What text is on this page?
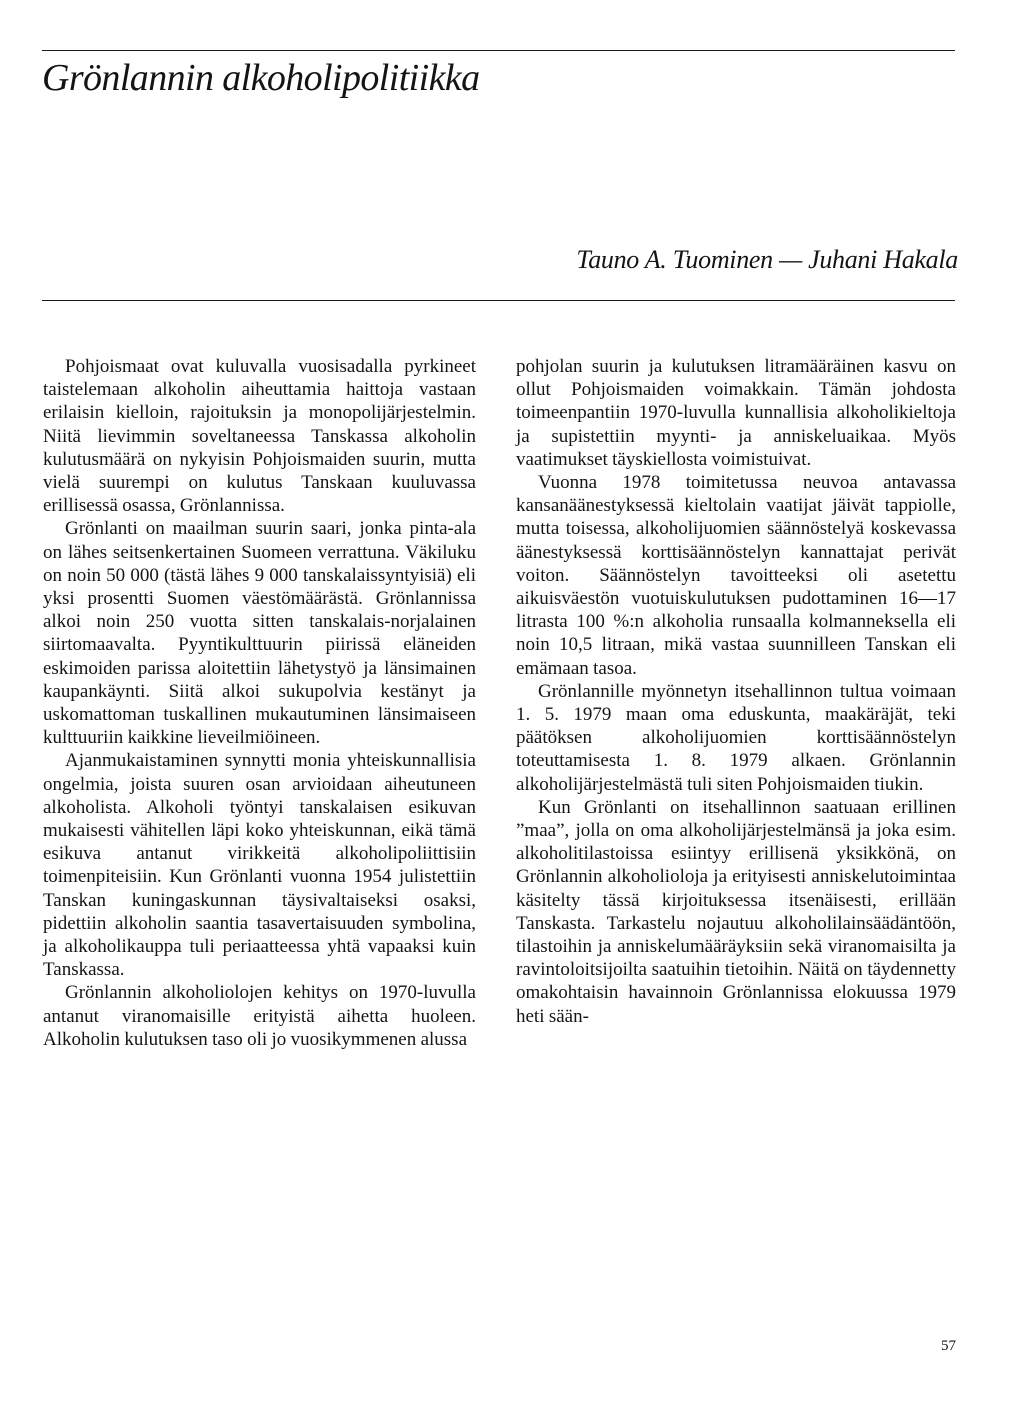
Grönlannin alkoholipolitiikka

Tauno A. Tuominen — Juhani Hakala

Pohjoismaat ovat kuluvalla vuosisadalla pyrkineet taistelemaan alkoholin aiheuttamia haittoja vastaan erilaisin kielloin, rajoituksin ja monopolijärjestelmin. Niitä lievimmin soveltaneessa Tanskassa alkoholin kulutusmäärä on nykyisin Pohjoismaiden suurin, mutta vielä suurempi on kulutus Tanskaan kuuluvassa erillisessä osassa, Grönlannissa.

Grönlanti on maailman suurin saari, jonka pinta-ala on lähes seitsenkertainen Suomeen verrattuna. Väkiluku on noin 50 000 (tästä lähes 9 000 tanskalaissyntyisiä) eli yksi prosentti Suomen väestömäärästä. Grönlannissa alkoi noin 250 vuotta sitten tanskalais-norjalainen siirtomaavalta. Pyyntikulttuurin piirissä eläneiden eskimoiden parissa aloitettiin lähetystyö ja länsimainen kaupankäynti. Siitä alkoi sukupolvia kestänyt ja uskomattoman tuskallinen mukautuminen länsimaiseen kulttuuriin kaikkine lieveilmiöineen.

Ajanmukaistaminen synnytti monia yhteiskunnallisia ongelmia, joista suuren osan arvioidaan aiheutuneen alkoholista. Alkoholi työntyi tanskalaisen esikuvan mukaisesti vähitellen läpi koko yhteiskunnan, eikä tämä esikuva antanut virikkeitä alkoholipoliittisiin toimenpiteisiin. Kun Grönlanti vuonna 1954 julistettiin Tanskan kuningaskunnan täysivaltaiseksi osaksi, pidettiin alkoholin saantia tasavertaisuuden symbolina, ja alkoholikauppa tuli periaatteessa yhtä vapaaksi kuin Tanskassa.

Grönlannin alkoholiolojen kehitys on 1970-luvulla antanut viranomaisille erityistä aihetta huoleen. Alkoholin kulutuksen taso oli jo vuosikymmenen alussa

pohjolan suurin ja kulutuksen litramääräinen kasvu on ollut Pohjoismaiden voimakkain. Tämän johdosta toimeenpantiin 1970-luvulla kunnallisia alkoholikieltoja ja supistettiin myynti- ja anniskeluaikaa. Myös vaatimukset täyskiellosta voimistuivat.

Vuonna 1978 toimitetussa neuvoa antavassa kansanäänestyksessä kieltolain vaatijat jäivät tappiolle, mutta toisessa, alkoholijuomien säännöstelyä koskevassa äänestyksessä korttisäännöstelyn kannattajat perivät voiton. Säännöstelyn tavoitteeksi oli asetettu aikuisväestön vuotuiskulutuksen pudottaminen 16—17 litrasta 100 %:n alkoholia runsaalla kolmanneksella eli noin 10,5 litraan, mikä vastaa suunnilleen Tanskan eli emämaan tasoa.

Grönlannille myönnetyn itsehallinnon tultua voimaan 1. 5. 1979 maan oma eduskunta, maakäräjät, teki päätöksen alkoholijuomien korttisäännöstelyn toteuttamisesta 1. 8. 1979 alkaen. Grönlannin alkoholijärjestelmästä tuli siten Pohjoismaiden tiukin.

Kun Grönlanti on itsehallinnon saatuaan erillinen ”maa”, jolla on oma alkoholijärjestelmänsä ja joka esim. alkoholitilastoissa esiintyy erillisenä yksikkönä, on Grönlannin alkoholioloja ja erityisesti anniskelutoimintaa käsitelty tässä kirjoituksessa itsenäisesti, erillään Tanskasta. Tarkastelu nojautuu alkoholilainsäädäntöön, tilastoihin ja anniskelumääräyksiin sekä viranomaisilta ja ravintoloitsijoilta saatuihin tietoihin. Näitä on täydennetty omakohtaisin havainnoin Grönlannissa elokuussa 1979 heti sään-

57
